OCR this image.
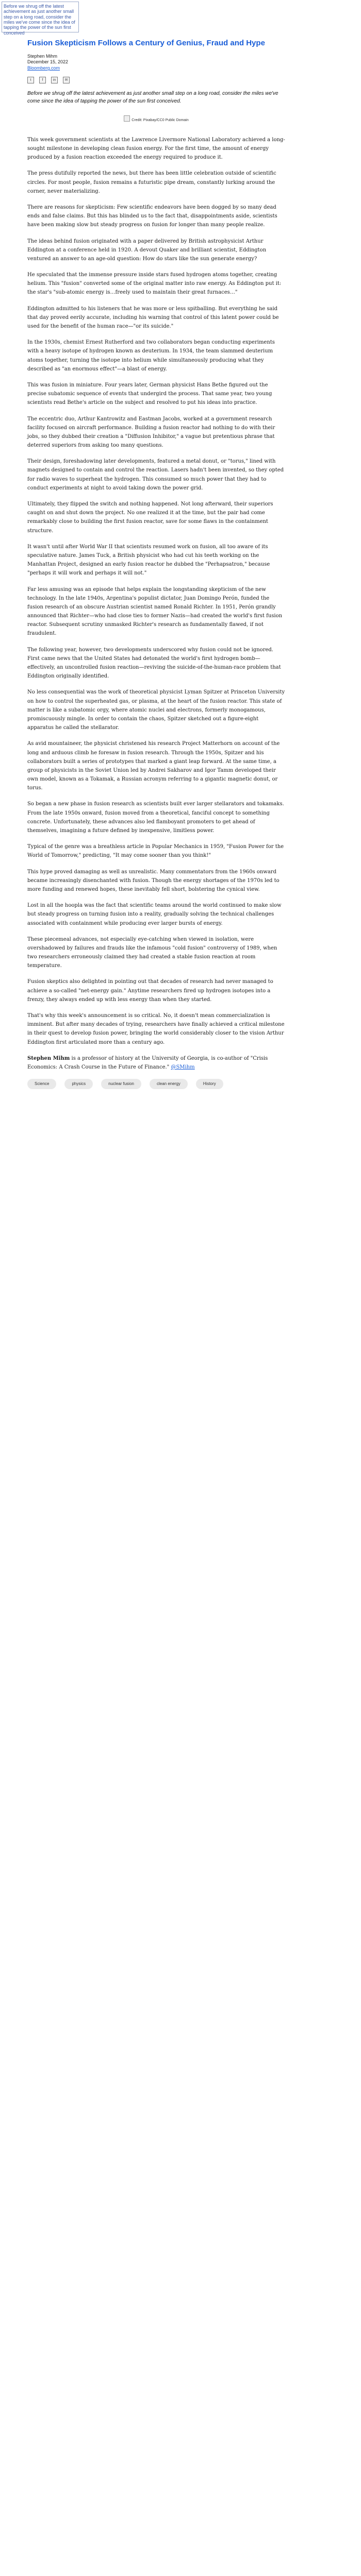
Before we shrug off the latest achievement as just another small step on a long road, consider the miles we've come since the idea of tapping the power of the sun first conceived
Fusion Skepticism Follows a Century of Genius, Fraud and Hype
Stephen Mihm
December 15, 2022
Bloomberg.com
t	f	in	✉

Before we shrug off the latest achievement as just another small step on a long road, consider the miles we've come since the idea of tapping the power of the sun first conceived.

Credit: Pixabay/CC0 Public Domain

This week government scientists at the Lawrence Livermore National Laboratory achieved a long-sought milestone in developing clean fusion energy. For the first time, the amount of energy produced by a fusion reaction exceeded the energy required to produce it.

The press dutifully reported the news, but there has been little celebration outside of scientific circles. For most people, fusion remains a futuristic pipe dream, constantly lurking around the corner, never materializing.

There are reasons for skepticism: Few scientific endeavors have been dogged by so many dead ends and false claims. But this has blinded us to the fact that, disappointments aside, scientists have been making slow but steady progress on fusion for longer than many people realize.

The ideas behind fusion originated with a paper delivered by British astrophysicist Arthur Eddington at a conference held in 1920. A devout Quaker and brilliant scientist, Eddington ventured an answer to an age-old question: How do stars like the sun generate energy?

He speculated that the immense pressure inside stars fused hydrogen atoms together, creating helium. This "fusion" converted some of the original matter into raw energy. As Eddington put it: the star's "sub-atomic energy is…freely used to maintain their great furnaces…"

Eddington admitted to his listeners that he was more or less spitballing. But everything he said that day proved eerily accurate, including his warning that control of this latent power could be used for the benefit of the human race—"or its suicide."

In the 1930s, chemist Ernest Rutherford and two collaborators began conducting experiments with a heavy isotope of hydrogen known as deuterium. In 1934, the team slammed deuterium atoms together, turning the isotope into helium while simultaneously producing what they described as "an enormous effect"—a blast of energy.

This was fusion in miniature. Four years later, German physicist Hans Bethe figured out the precise subatomic sequence of events that undergird the process. That same year, two young scientists read Bethe's article on the subject and resolved to put his ideas into practice.

The eccentric duo, Arthur Kantrowitz and Eastman Jacobs, worked at a government research facility focused on aircraft performance. Building a fusion reactor had nothing to do with their jobs, so they dubbed their creation a "Diffusion Inhibitor," a vague but pretentious phrase that deterred superiors from asking too many questions.

Their design, foreshadowing later developments, featured a metal donut, or "torus," lined with magnets designed to contain and control the reaction. Lasers hadn't been invented, so they opted for radio waves to superheat the hydrogen. This consumed so much power that they had to conduct experiments at night to avoid taking down the power grid.

Ultimately, they flipped the switch and nothing happened. Not long afterward, their superiors caught on and shut down the project. No one realized it at the time, but the pair had come remarkably close to building the first fusion reactor, save for some flaws in the containment structure.

It wasn't until after World War II that scientists resumed work on fusion, all too aware of its speculative nature. James Tuck, a British physicist who had cut his teeth working on the Manhattan Project, designed an early fusion reactor he dubbed the "Perhapsatron," because "perhaps it will work and perhaps it will not."

Far less amusing was an episode that helps explain the longstanding skepticism of the new technology. In the late 1940s, Argentina's populist dictator, Juan Domingo Perón, funded the fusion research of an obscure Austrian scientist named Ronald Richter. In 1951, Perón grandly announced that Richter—who had close ties to former Nazis—had created the world's first fusion reactor. Subsequent scrutiny unmasked Richter's research as fundamentally flawed, if not fraudulent.

The following year, however, two developments underscored why fusion could not be ignored. First came news that the United States had detonated the world's first hydrogen bomb—effectively, an uncontrolled fusion reaction—reviving the suicide-of-the-human-race problem that Eddington originally identified.

No less consequential was the work of theoretical physicist Lyman Spitzer at Princeton University on how to control the superheated gas, or plasma, at the heart of the fusion reactor. This state of matter is like a subatomic orgy, where atomic nuclei and electrons, formerly monogamous, promiscuously mingle. In order to contain the chaos, Spitzer sketched out a figure-eight apparatus he called the stellarator.

As avid mountaineer, the physicist christened his research Project Matterhorn on account of the long and arduous climb he foresaw in fusion research. Through the 1950s, Spitzer and his collaborators built a series of prototypes that marked a giant leap forward. At the same time, a group of physicists in the Soviet Union led by Andrei Sakharov and Igor Tamm developed their own model, known as a Tokamak, a Russian acronym referring to a gigantic magnetic donut, or torus.

So began a new phase in fusion research as scientists built ever larger stellarators and tokamaks. From the late 1950s onward, fusion moved from a theoretical, fanciful concept to something concrete. Unfortunately, these advances also led flamboyant promoters to get ahead of themselves, imagining a future defined by inexpensive, limitless power.

Typical of the genre was a breathless article in Popular Mechanics in 1959, "Fusion Power for the World of Tomorrow," predicting, "It may come sooner than you think!"

This hype proved damaging as well as unrealistic. Many commentators from the 1960s onward became increasingly disenchanted with fusion. Though the energy shortages of the 1970s led to more funding and renewed hopes, these inevitably fell short, bolstering the cynical view.

Lost in all the hoopla was the fact that scientific teams around the world continued to make slow but steady progress on turning fusion into a reality, gradually solving the technical challenges associated with containment while producing ever larger bursts of energy.

These piecemeal advances, not especially eye-catching when viewed in isolation, were overshadowed by failures and frauds like the infamous "cold fusion" controversy of 1989, when two researchers erroneously claimed they had created a stable fusion reaction at room temperature.

Fusion skeptics also delighted in pointing out that decades of research had never managed to achieve a so-called "net-energy gain." Anytime researchers fired up hydrogen isotopes into a frenzy, they always ended up with less energy than when they started.

That's why this week's announcement is so critical. No, it doesn't mean commercialization is imminent. But after many decades of trying, researchers have finally achieved a critical milestone in their quest to develop fusion power, bringing the world considerably closer to the vision Arthur Eddington first articulated more than a century ago.

Stephen Mihm is a professor of history at the University of Georgia, is co-author of "Crisis Economics: A Crash Course in the Future of Finance." @SMihm
Science	physics	nuclear fusion	clean energy	History
